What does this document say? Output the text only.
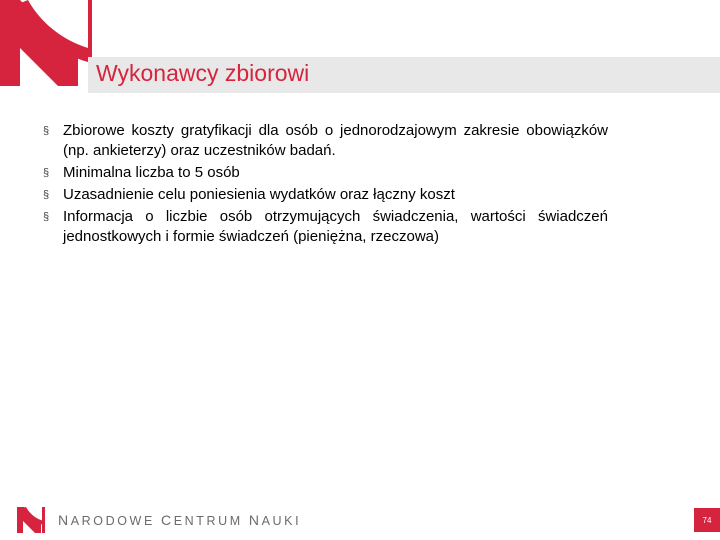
Wykonawcy zbiorowi
§ Zbiorowe koszty gratyfikacji dla osób o jednorodzajowym zakresie obowiązków (np. ankieterzy) oraz uczestników badań.
§ Minimalna liczba to 5 osób
§ Uzasadnienie celu poniesienia wydatków oraz łączny koszt
§ Informacja o liczbie osób otrzymujących świadczenia, wartości świadczeń jednostkowych i formie świadczeń (pieniężna, rzeczowa)
NARODOWE CENTRUM NAUKI	74
